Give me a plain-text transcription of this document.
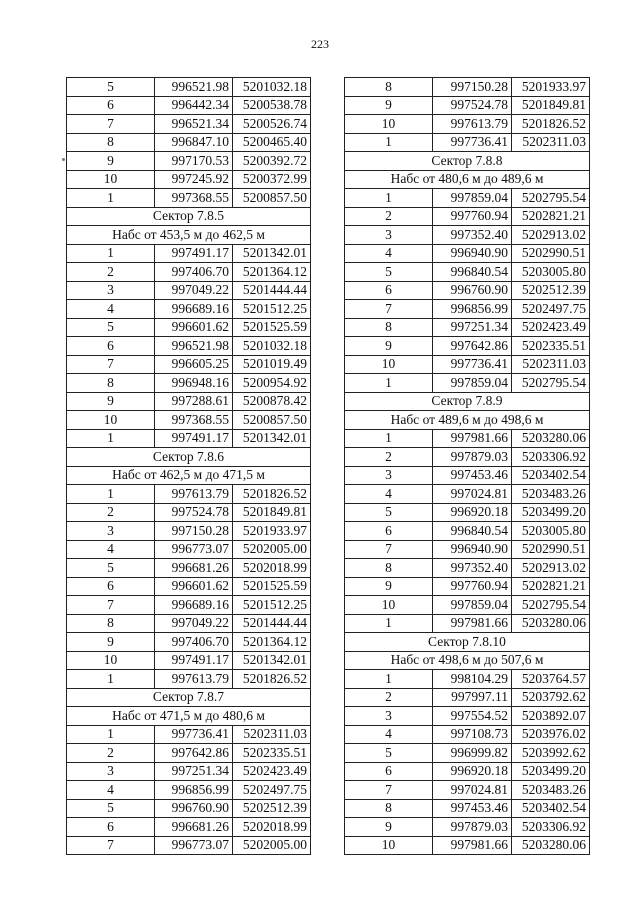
223
5	996521.98	5201032.18
6	996442.34	5200538.78
7	996521.34	5200526.74
8	996847.10	5200465.40
9	997170.53	5200392.72
10	997245.92	5200372.99
1	997368.55	5200857.50
Сектор 7.8.5		
Набс от 453,5 м до 462,5 м		
1	997491.17	5201342.01
2	997406.70	5201364.12
3	997049.22	5201444.44
4	996689.16	5201512.25
5	996601.62	5201525.59
6	996521.98	5201032.18
7	996605.25	5201019.49
8	996948.16	5200954.92
9	997288.61	5200878.42
10	997368.55	5200857.50
1	997491.17	5201342.01
Сектор 7.8.6		
Набс от 462,5 м до 471,5 м		
1	997613.79	5201826.52
2	997524.78	5201849.81
3	997150.28	5201933.97
4	996773.07	5202005.00
5	996681.26	5202018.99
6	996601.62	5201525.59
7	996689.16	5201512.25
8	997049.22	5201444.44
9	997406.70	5201364.12
10	997491.17	5201342.01
1	997613.79	5201826.52
Сектор 7.8.7		
Набс от 471,5 м до 480,6 м		
1	997736.41	5202311.03
2	997642.86	5202335.51
3	997251.34	5202423.49
4	996856.99	5202497.75
5	996760.90	5202512.39
6	996681.26	5202018.99
7	996773.07	5202005.00
8	997150.28	5201933.97
9	997524.78	5201849.81
10	997613.79	5201826.52
1	997736.41	5202311.03
Сектор 7.8.8		
Набс от 480,6 м до 489,6 м		
1	997859.04	5202795.54
2	997760.94	5202821.21
3	997352.40	5202913.02
4	996940.90	5202990.51
5	996840.54	5203005.80
6	996760.90	5202512.39
7	996856.99	5202497.75
8	997251.34	5202423.49
9	997642.86	5202335.51
10	997736.41	5202311.03
1	997859.04	5202795.54
Сектор 7.8.9		
Набс от 489,6 м до 498,6 м		
1	997981.66	5203280.06
2	997879.03	5203306.92
3	997453.46	5203402.54
4	997024.81	5203483.26
5	996920.18	5203499.20
6	996840.54	5203005.80
7	996940.90	5202990.51
8	997352.40	5202913.02
9	997760.94	5202821.21
10	997859.04	5202795.54
1	997981.66	5203280.06
Сектор 7.8.10		
Набс от 498,6 м до 507,6 м		
1	998104.29	5203764.57
2	997997.11	5203792.62
3	997554.52	5203892.07
4	997108.73	5203976.02
5	996999.82	5203992.62
6	996920.18	5203499.20
7	997024.81	5203483.26
8	997453.46	5203402.54
9	997879.03	5203306.92
10	997981.66	5203280.06
